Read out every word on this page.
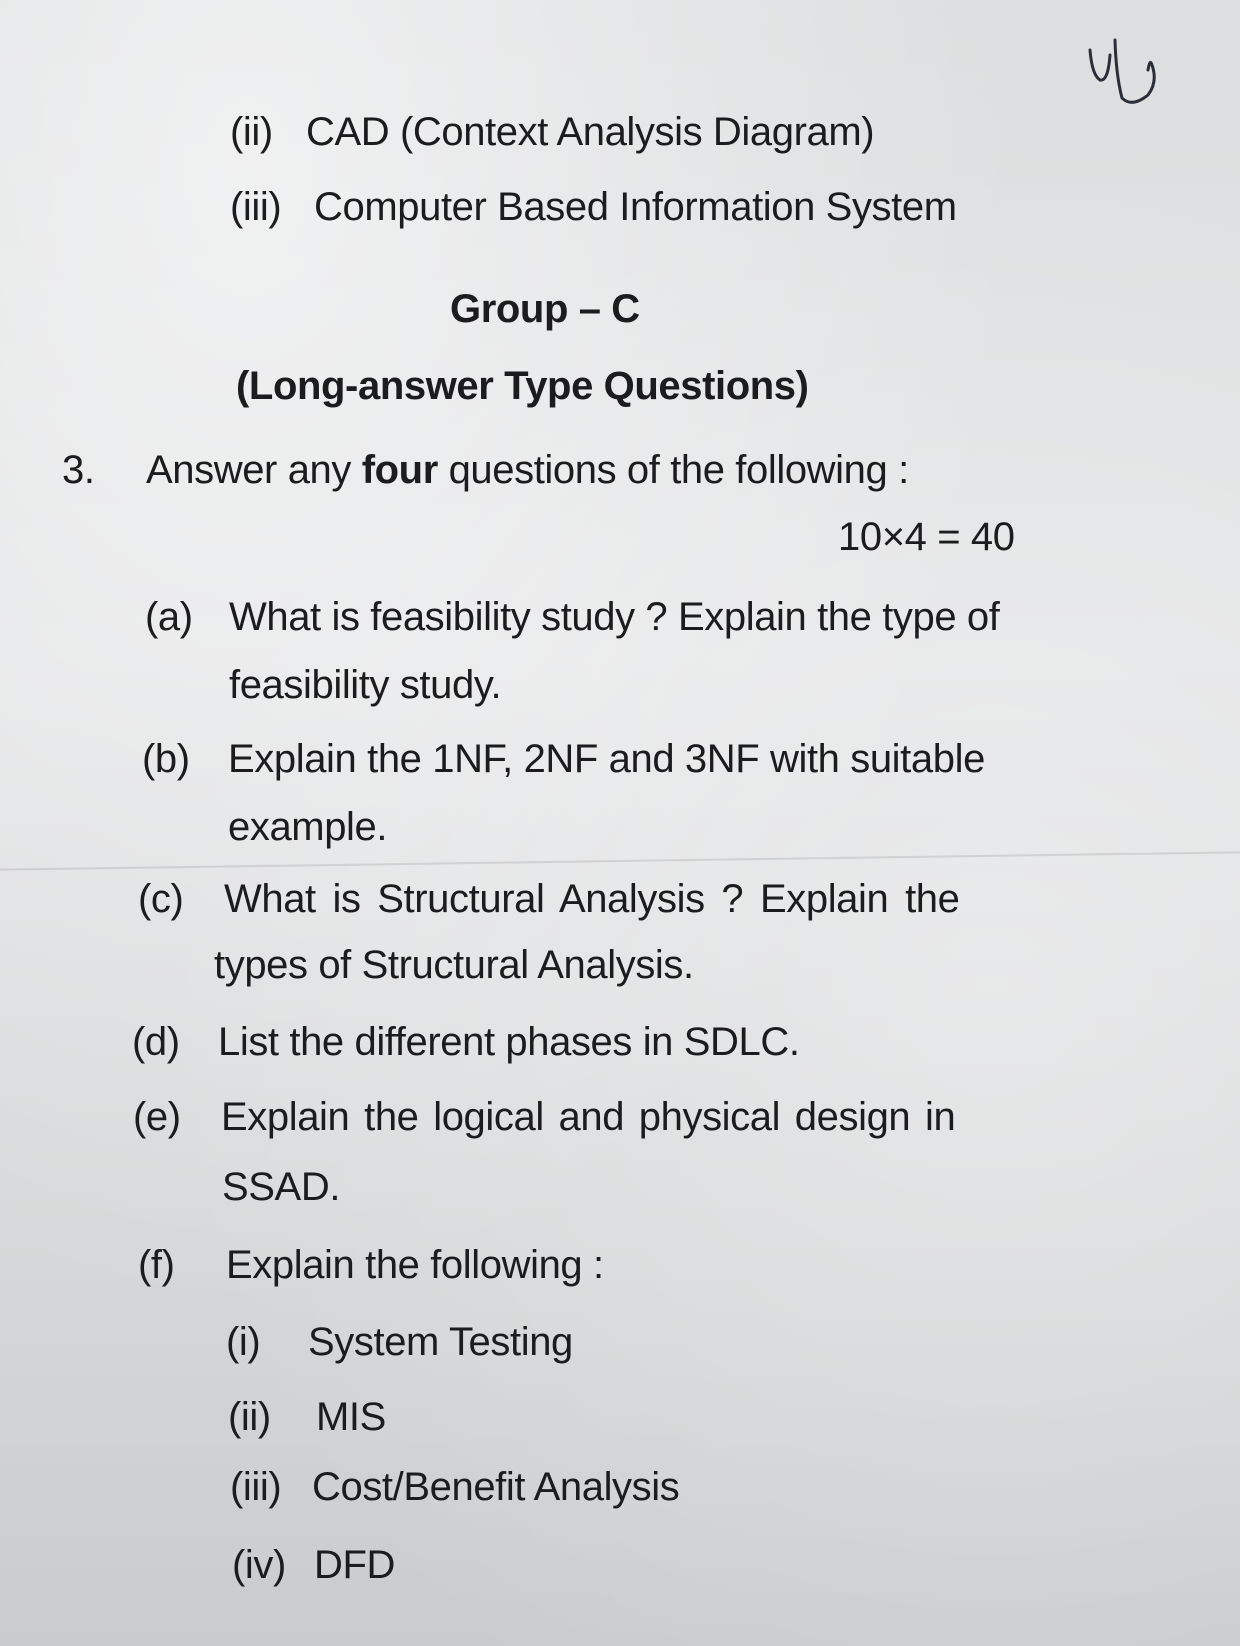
(ii) CAD (Context Analysis Diagram)
(iii) Computer Based Information System
Group – C
(Long-answer Type Questions)
3. Answer any four questions of the following :
10×4 = 40
(a) What is feasibility study ? Explain the type of
feasibility study.
(b) Explain the 1NF, 2NF and 3NF with suitable
example.
(c) What is Structural Analysis ? Explain the
types of Structural Analysis.
(d) List the different phases in SDLC.
(e) Explain the logical and physical design in
SSAD.
(f) Explain the following :
(i) System Testing
(ii) MIS
(iii) Cost/Benefit Analysis
(iv) DFD
